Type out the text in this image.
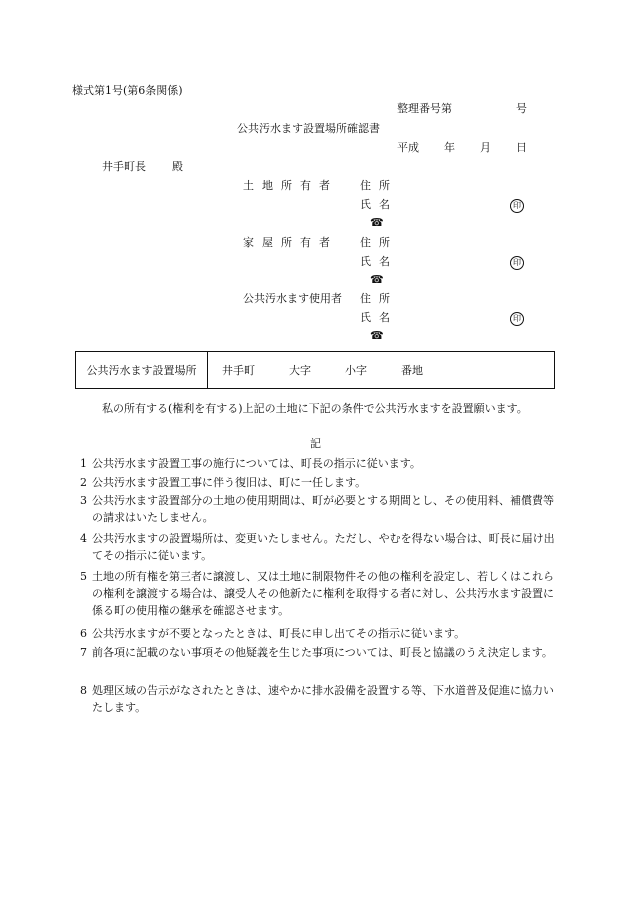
様式第1号(第6条関係)
整理番号第	号
公共汚水ます設置場所確認書
平成 年 月 日
井手町長 殿
土地所有者 住所
氏名	印
☎
家屋所有者 住所
氏名	印
☎
公共汚水ます使用者 住所
氏名	印
☎
公共汚水ます設置場所	井手町	大字	小字	番地
私の所有する(権利を有する)上記の土地に下記の条件で公共汚水ますを設置願います。
記
1 公共汚水ます設置工事の施行については、町長の指示に従います。
2 公共汚水ます設置工事に伴う復旧は、町に一任します。
3 公共汚水ます設置部分の土地の使用期間は、町が必要とする期間とし、その使用料、補償費等の請求はいたしません。
4 公共汚水ますの設置場所は、変更いたしません。ただし、やむを得ない場合は、町長に届け出てその指示に従います。
5 土地の所有権を第三者に譲渡し、又は土地に制限物件その他の権利を設定し、若しくはこれらの権利を譲渡する場合は、譲受人その他新たに権利を取得する者に対し、公共汚水ます設置に係る町の使用権の継承を確認させます。
6 公共汚水ますが不要となったときは、町長に申し出てその指示に従います。
7 前各項に記載のない事項その他疑義を生じた事項については、町長と協議のうえ決定します。
8 処理区域の告示がなされたときは、速やかに排水設備を設置する等、下水道普及促進に協力いたします。
